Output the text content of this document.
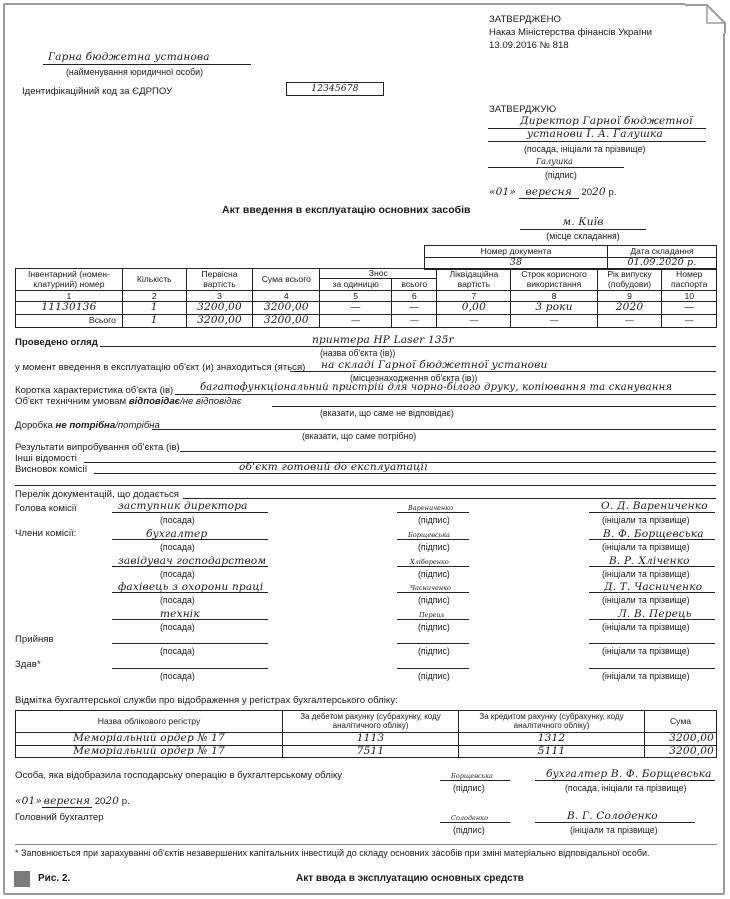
ЗАТВЕРДЖЕНО
Наказ Міністерства фінансів України
13.09.2016 № 818
Гарна бюджетна установа
(найменування юридичної особи)
Ідентифікаційний код за ЄДРПОУ	12345678
ЗАТВЕРДЖУЮ
Директор Гарної бюджетної
установи І. А. Галушка
(посада, ініціали та прізвище)
Галушка
(підпис)
«01» вересня 2020 р.
Акт введення в експлуатацію основних засобів
м. Київ
(місце складання)
Номер документа	Дата складання
38	01.09.2020 р.
Інвентарний (номен-клатурний) номер	Кількість	Первісна вартість	Сума всього	Знос		Ліквідаційна вартість	Строк корисного використання	Рік випуску (побудови)	Номер паспорта
				за одиницю	всього				
1	2	3	4	5	6	7	8	9	10
11130136	1	3200,00	3200,00	—	—	0,00	3 роки	2020	—
Всього	1	3200,00	3200,00	—	—	—	—	—	—
Проведено огляд	принтера HP Laser 135r
(назва об'єкта (ів))
у момент введення в експлуатацію об'єкт (и) знаходиться (яться) на складі Гарної бюджетної установи
(місцезнаходження об'єкта (ів))
Коротка характеристика об'єкта (ів)	багатофункціональний пристрій для чорно-білого друку, копіювання та сканування
Об'єкт технічним умовам відповідає/не відповідає
(вказати, що саме не відповідає)
Доробка не потрібна/потрібна
(вказати, що саме потрібно)
Результати випробування об'єкта (ів)
Інші відомості
Висновок комісії	об'єкт готовий до експлуатації
Перелік документацій, що додається
Голова комісії
Члени комісії:
заступник директора
(посада)
Варениченко
(підпис)
О. Д. Варениченко
(ініціали та прізвище)
бухгалтер
(посада)
Борщевська
(підпис)
В. Ф. Борщевська
(ініціали та прізвище)
завідувач господарством
(посада)
Хліборенко
(підпис)
В. Р. Хліченко
(ініціали та прізвище)
фахівець з охорони праці
(посада)
Часниченко
(підпис)
Д. Т. Часниченко
(ініціали та прізвище)
технік
(посада)
Перець
(підпис)
Л. В. Перець
(ініціали та прізвище)
Прийняв
(посада)	(підпис)	(ініціали та прізвище)
Здав*
(посада)	(підпис)	(ініціали та прізвище)
Відмітка бухгалтерської служби про відображення у регістрах бухгалтерського обліку:
Назва облікового регістру	За дебетом рахунку (субрахунку, коду аналітичного обліку)	За кредитом рахунку (субрахунку, коду аналітичного обліку)	Сума
Меморіальний ордер № 17	1113	1312	3200,00
Меморіальний ордер № 17	7511	5111	3200,00
Особа, яка відобразила господарську операцію в бухгалтерському обліку	Борщевська
(підпис)
бухгалтер В. Ф. Борщевська
(посада, ініціали та прізвище)
«01» вересня 2020 р.
Головний бухгалтер	Солоденко
(підпис)
В. Г. Солоденко
(ініціали та прізвище)
* Заповнюється при зарахуванні об'єктів незавершених капітальних інвестицій до складу основних засобів при зміні матеріально відповідальної особи.
Рис. 2.	Акт ввода в эксплуатацию основных средств
